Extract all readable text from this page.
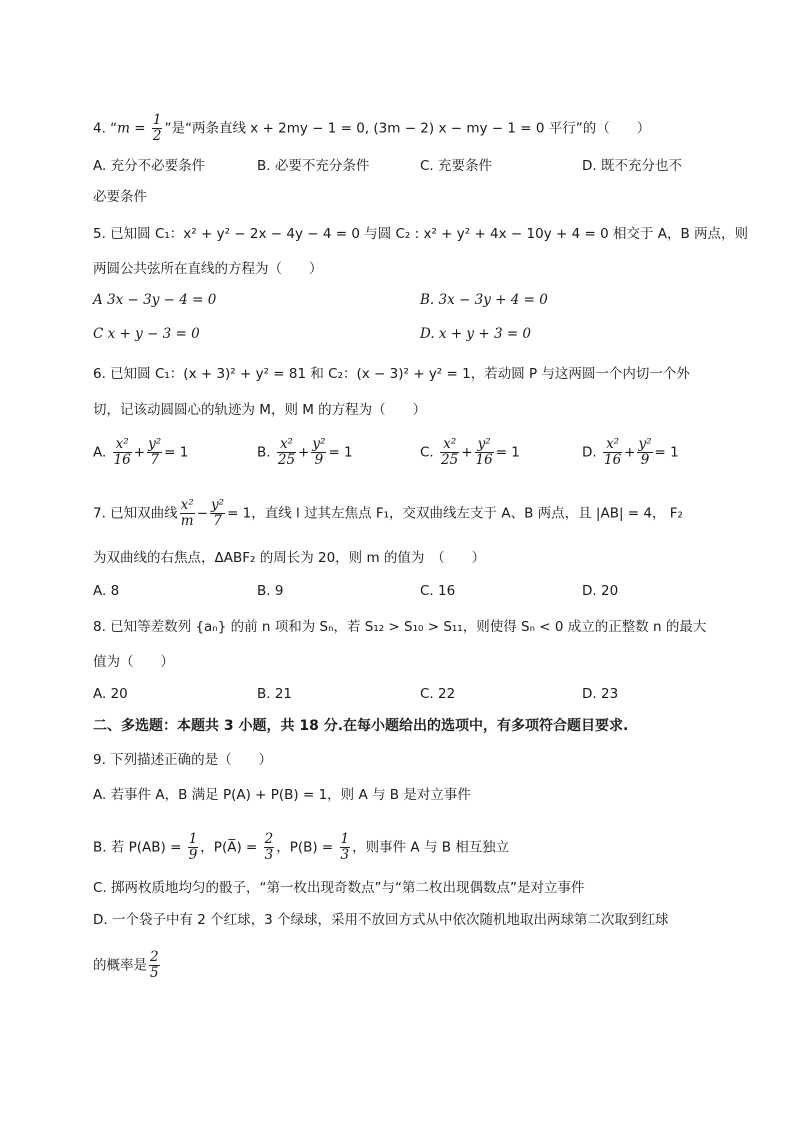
4. “$m = \frac{1}{2}$ ”是“两条直线 x + 2my − 1 = 0, (3m − 2) x − my − 1 = 0 平行”的（　　）
A. 充分不必要条件	B. 必要不充分条件	C. 充要条件	D. 既不充分也不
必要条件
5. 已知圆 C₁：x² + y² − 2x − 4y − 4 = 0 与圆 C₂ : x² + y² + 4x − 10y + 4 = 0 相交于 A，B 两点，则
两圆公共弦所在直线的方程为（　　）
A 3x − 3y − 4 = 0	B. 3x − 3y + 4 = 0
C x + y − 3 = 0	D. x + y + 3 = 0
6. 已知圆 C₁：(x + 3)² + y² = 81 和 C₂：(x − 3)² + y² = 1，若动圆 P 与这两圆一个内切一个外
切，记该动圆圆心的轨迹为 M，则 M 的方程为（　　）
A. $\frac{\text{x²}}{16} + \frac{\text{y²}}{7} = 1$	B. $\frac{\text{x²}}{25} + \frac{\text{y²}}{9} = 1$	C. $\frac{\text{x²}}{25} + \frac{\text{y²}}{16} = 1$	D. $\frac{\text{x²}}{16} + \frac{\text{y²}}{9} = 1$
7. 已知双曲线 $\frac{\text{x²}}{m} - \frac{\text{y²}}{7} = 1$，直线 l 过其左焦点 F₁，交双曲线左支于 A、B 两点，且 |AB| = 4， F₂
为双曲线的右焦点，ΔABF₂ 的周长为 20，则 m 的值为　（　　）
A. 8	B. 9	C. 16	D. 20
8. 已知等差数列 {aₙ} 的前 n 项和为 Sₙ，若 S₁₂ > S₁₀ > S₁₁，则使得 Sₙ < 0 成立的正整数 n 的最大
值为（　　）
A. 20	B. 21	C. 22	D. 23
二、多选题：本题共 3 小题，共 18 分.在每小题给出的选项中，有多项符合题目要求.
9. 下列描述正确的是（　　）
A. 若事件 A，B 满足 P(A) + P(B) = 1，则 A 与 B 是对立事件
B. 若 $P(AB) = \frac{1}{9}$ ，P(A̅) = $\frac{2}{3}$ ，$P(B) = \frac{1}{3}$ ，则事件 A 与 B 相互独立
C. 掷两枚质地均匀的骰子，“第一枚出现奇数点”与“第二枚出现偶数点”是对立事件
D. 一个袋子中有 2 个红球，3 个绿球，采用不放回方式从中依次随机地取出两球第二次取到红球
的概率是 $\frac{2}{5}$
